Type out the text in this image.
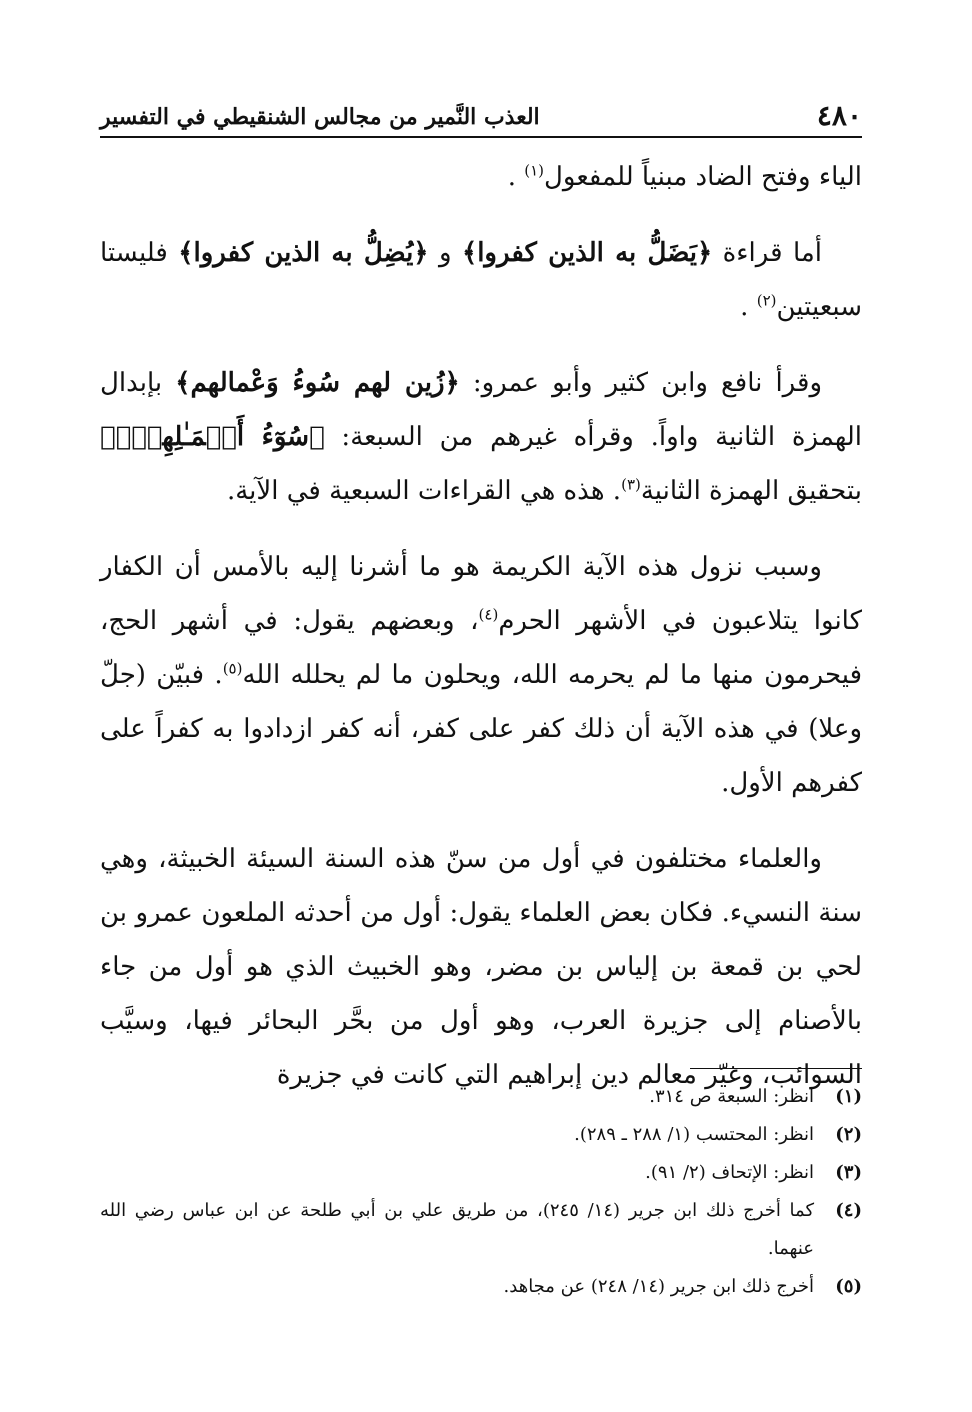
٤٨٠
العذب النَّمير من مجالس الشنقيطي في التفسير

الياء وفتح الضاد مبنياً للمفعول$^{(١)}$ .

أما قراءة ﴿يَضَلُّ به الذين كفروا﴾ و ﴿يُضِلُّ به الذين كفروا﴾ فليستا سبعيتين$^{(٢)}$ .

وقرأ نافع وابن كثير وأبو عمرو: ﴿زُين لهم سُوءُ وَعْمالهم﴾ بإبدال الهمزة الثانية واواً. وقرأه غيرهم من السبعة: ﴿سُوٓءُ أَعۡمَـٰلِهِمۡۗ﴾ بتحقيق الهمزة الثانية$^{(٣)}$. هذه هي القراءات السبعية في الآية.

وسبب نزول هذه الآية الكريمة هو ما أشرنا إليه بالأمس أن الكفار كانوا يتلاعبون في الأشهر الحرم$^{(٤)}$، وبعضهم يقول: في أشهر الحج، فيحرمون منها ما لم يحرمه الله، ويحلون ما لم يحلله الله$^{(٥)}$. فبيّن (جلّ وعلا) في هذه الآية أن ذلك كفر على كفر، أنه كفر ازدادوا به كفراً على كفرهم الأول.

والعلماء مختلفون في أول من سنّ هذه السنة السيئة الخبيثة، وهي سنة النسيء. فكان بعض العلماء يقول: أول من أحدثه الملعون عمرو بن لحي بن قمعة بن إلياس بن مضر، وهو الخبيث الذي هو أول من جاء بالأصنام إلى جزيرة العرب، وهو أول من بحَّر البحائر فيها، وسيَّب السوائب، وغيّر معالم دين إبراهيم التي كانت في جزيرة

(١)
انظر: السبعة ص ٣١٤.
(٢)
انظر: المحتسب (١/ ٢٨٨ ـ ٢٨٩).
(٣)
انظر: الإتحاف (٢/ ٩١).
(٤)
كما أخرج ذلك ابن جرير (١٤/ ٢٤٥)، من طريق علي بن أبي طلحة عن ابن عباس رضي الله عنهما.
(٥)
أخرج ذلك ابن جرير (١٤/ ٢٤٨) عن مجاهد.
